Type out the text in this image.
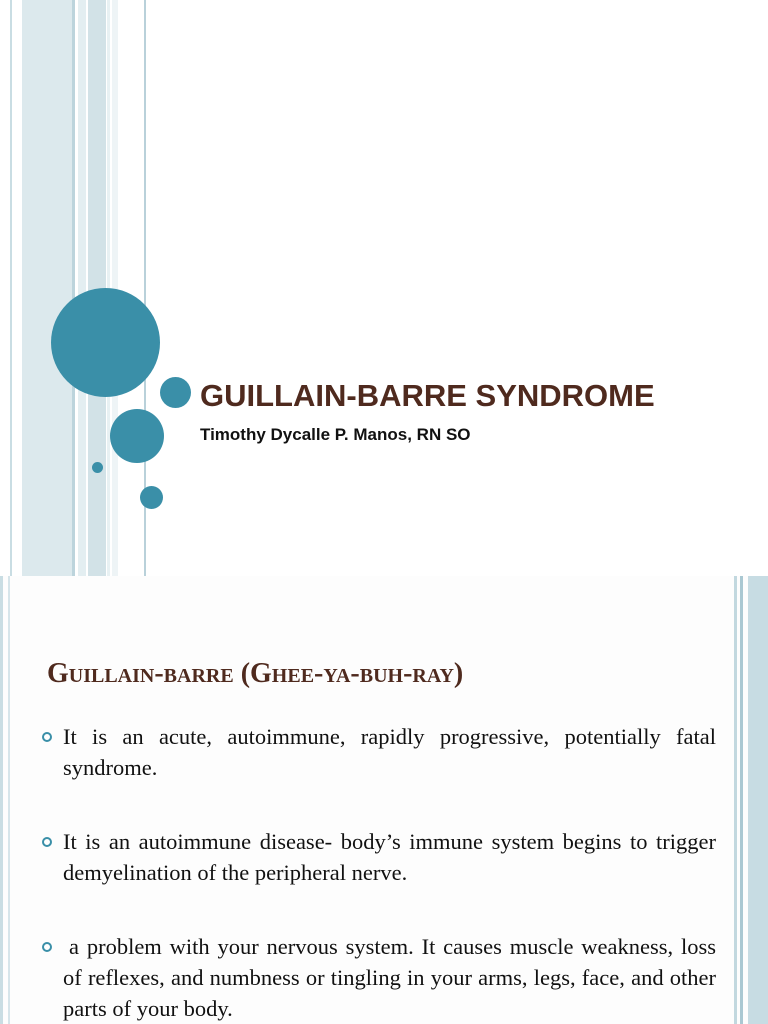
GUILLAIN-BARRE SYNDROME
Timothy Dycalle P. Manos, RN SO
Guillain-barre (Ghee-ya-buh-ray)
It is an acute, autoimmune, rapidly progressive, potentially fatal syndrome.
It is an autoimmune disease- body’s immune system begins to trigger demyelination of the peripheral nerve.
a problem with your nervous system. It causes muscle weakness, loss of reflexes, and numbness or tingling in your arms, legs, face, and other parts of your body.
